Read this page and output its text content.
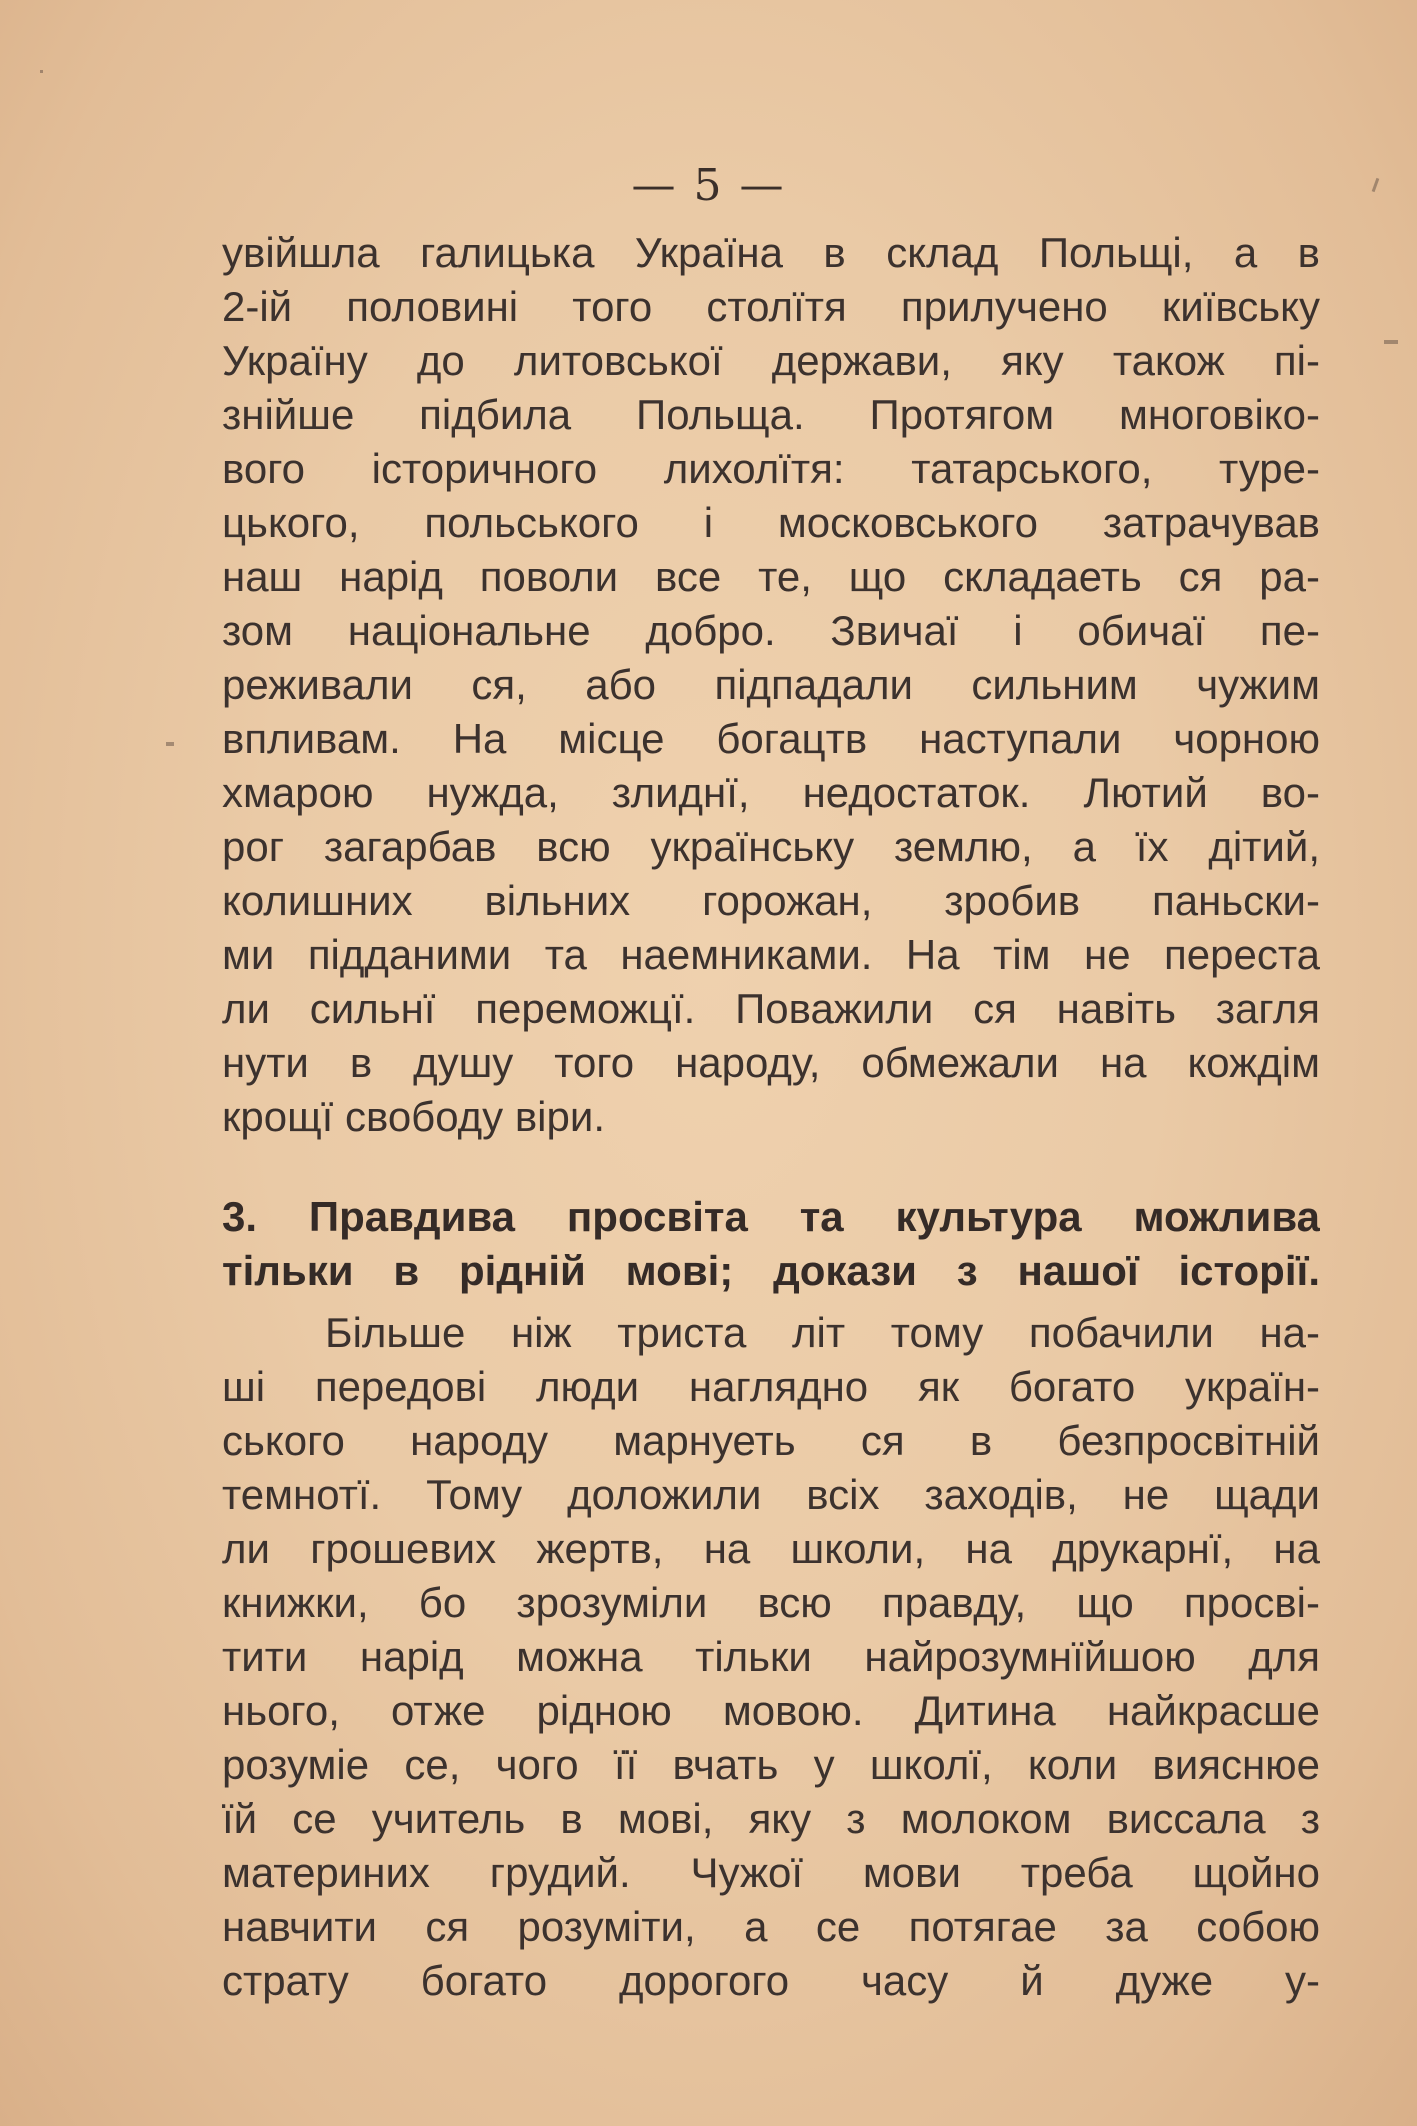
— 5 —
увійшла галицька Україна в склад Польщі, а в
2-ій половині того столїтя прилучено київську
Україну до литовської держави, яку також пі-
знійше підбила Польща. Протягом многовіко-
вого історичного лихолїтя: татарського, туре-
цького, польського і московського затрачував
наш нарід поволи все те, що складаеть ся ра-
зом національне добро. Звичаї і обичаї пе-
реживали ся, або підпадали сильним чужим
впливам. На місце богацтв наступали чорною
хмарою нужда, злиднї, недостаток. Лютий во-
рог загарбав всю українську землю, а їх дітий,
колишних вільних горожан, зробив паньски-
ми підданими та наемниками. На тім не переста
ли сильнї переможцї. Поважили ся навіть загля
нути в душу того народу, обмежали на кождім
крощї свободу віри.
3. Правдива просвіта та культура можлива
тільки в рідній мові; докази з нашої історії.
Більше ніж триста літ тому побачили на-
ші передові люди наглядно як богато україн-
ського народу марнуеть ся в безпросвітній
темнотї. Тому доложили всіх заходів, не щади
ли грошевих жертв, на школи, на друкарнї, на
книжки, бо зрозуміли всю правду, що просві-
тити нарід можна тільки найрозумнїйшою для
нього, отже рідною мовою. Дитина найкрасше
розуміе се, чого її вчать у школї, коли вияснюе
їй се учитель в мові, яку з молоком виссала з
материних грудий. Чужої мови треба щойно
навчити ся розуміти, а се потягае за собою
страту богато дорогого часу й дуже у-
